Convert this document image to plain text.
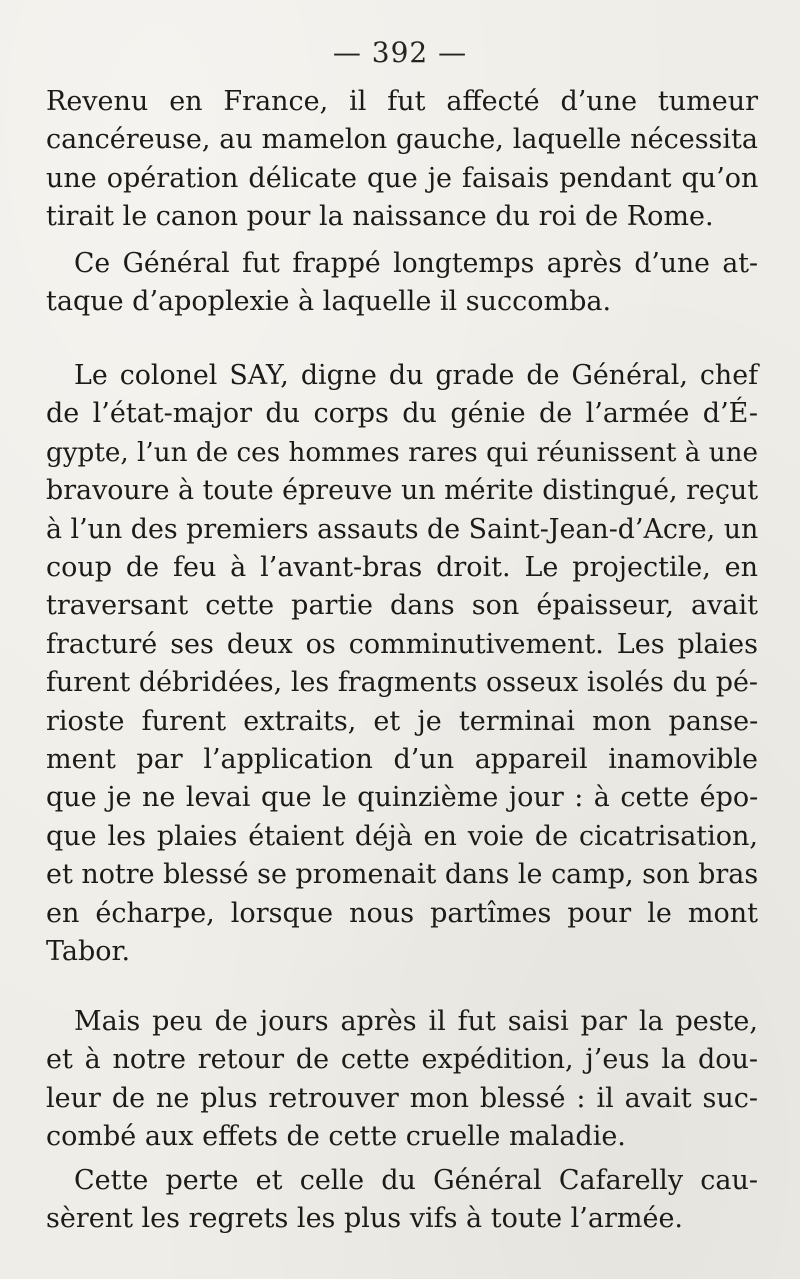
— 392 —
Revenu en France, il fut affecté d’une tumeur
cancéreuse, au mamelon gauche, laquelle nécessita
une opération délicate que je faisais pendant qu’on
tirait le canon pour la naissance du roi de Rome.
Ce Général fut frappé longtemps après d’une at-
taque d’apoplexie à laquelle il succomba.
Le colonel SAY, digne du grade de Général, chef
de l’état-major du corps du génie de l’armée d’É-
gypte, l’un de ces hommes rares qui réunissent à une
bravoure à toute épreuve un mérite distingué, reçut
à l’un des premiers assauts de Saint-Jean-d’Acre, un
coup de feu à l’avant-bras droit. Le projectile, en
traversant cette partie dans son épaisseur, avait
fracturé ses deux os comminutivement. Les plaies
furent débridées, les fragments osseux isolés du pé-
rioste furent extraits, et je terminai mon panse-
ment par l’application d’un appareil inamovible
que je ne levai que le quinzième jour : à cette épo-
que les plaies étaient déjà en voie de cicatrisation,
et notre blessé se promenait dans le camp, son bras
en écharpe, lorsque nous partîmes pour le mont
Tabor.
Mais peu de jours après il fut saisi par la peste,
et à notre retour de cette expédition, j’eus la dou-
leur de ne plus retrouver mon blessé : il avait suc-
combé aux effets de cette cruelle maladie.
Cette perte et celle du Général Cafarelly cau-
sèrent les regrets les plus vifs à toute l’armée.
